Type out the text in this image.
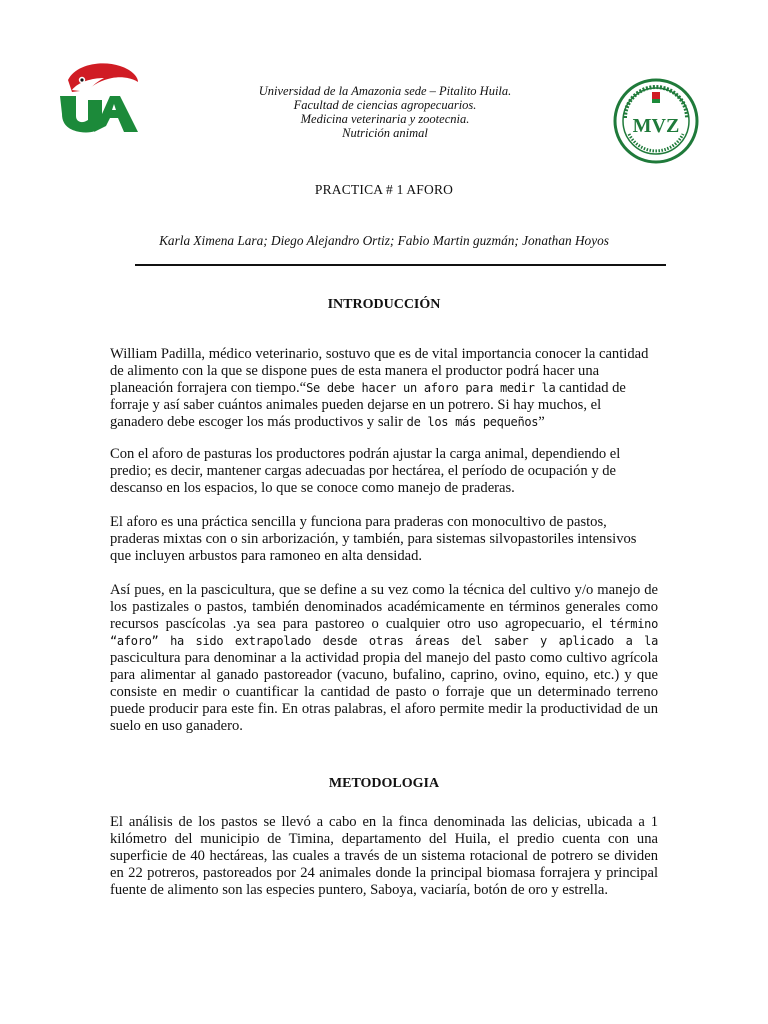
Universidad de la Amazonia sede – Pitalito Huila.
Facultad de ciencias agropecuarios.
Medicina veterinaria y zootecnia.
Nutrición animal	MVZ
PRACTICA # 1 AFORO
Karla Ximena Lara; Diego Alejandro Ortiz; Fabio Martin guzmán; Jonathan Hoyos
INTRODUCCIÓN
William Padilla, médico veterinario, sostuvo que es de vital importancia conocer la cantidad de alimento con la que se dispone pues de esta manera el productor podrá hacer una planeación forrajera con tiempo.“Se debe hacer un aforo para medir la cantidad de forraje y así saber cuántos animales pueden dejarse en un potrero. Si hay muchos, el ganadero debe escoger los más productivos y salir de los más pequeños”
Con el aforo de pasturas los productores podrán ajustar la carga animal, dependiendo el predio; es decir, mantener cargas adecuadas por hectárea, el período de ocupación y de descanso en los espacios, lo que se conoce como manejo de praderas.
El aforo es una práctica sencilla y funciona para praderas con monocultivo de pastos, praderas mixtas con o sin arborización, y también, para sistemas silvopastoriles intensivos que incluyen arbustos para ramoneo en alta densidad.
Así pues, en la pascicultura, que se define a su vez como la técnica del cultivo y/o manejo de los pastizales o pastos, también denominados académicamente en términos generales como recursos pascícolas .ya sea para pastoreo o cualquier otro uso agropecuario, el término “aforo” ha sido extrapolado desde otras áreas del saber y aplicado a la pascicultura para denominar a la actividad propia del manejo del pasto como cultivo agrícola para alimentar al ganado pastoreador (vacuno, bufalino, caprino, ovino, equino, etc.) y que consiste en medir o cuantificar la cantidad de pasto o forraje que un determinado terreno puede producir para este fin. En otras palabras, el aforo permite medir la productividad de un suelo en uso ganadero.
METODOLOGIA
El análisis de los pastos se llevó a cabo en la finca denominada las delicias, ubicada a 1 kilómetro del municipio de Timina, departamento del Huila, el predio cuenta con una superficie de 40 hectáreas, las cuales a través de un sistema rotacional de potrero se dividen en 22 potreros, pastoreados por 24 animales donde la principal biomasa forrajera y principal fuente de alimento son las especies puntero, Saboya, vaciaría, botón de oro y estrella.
